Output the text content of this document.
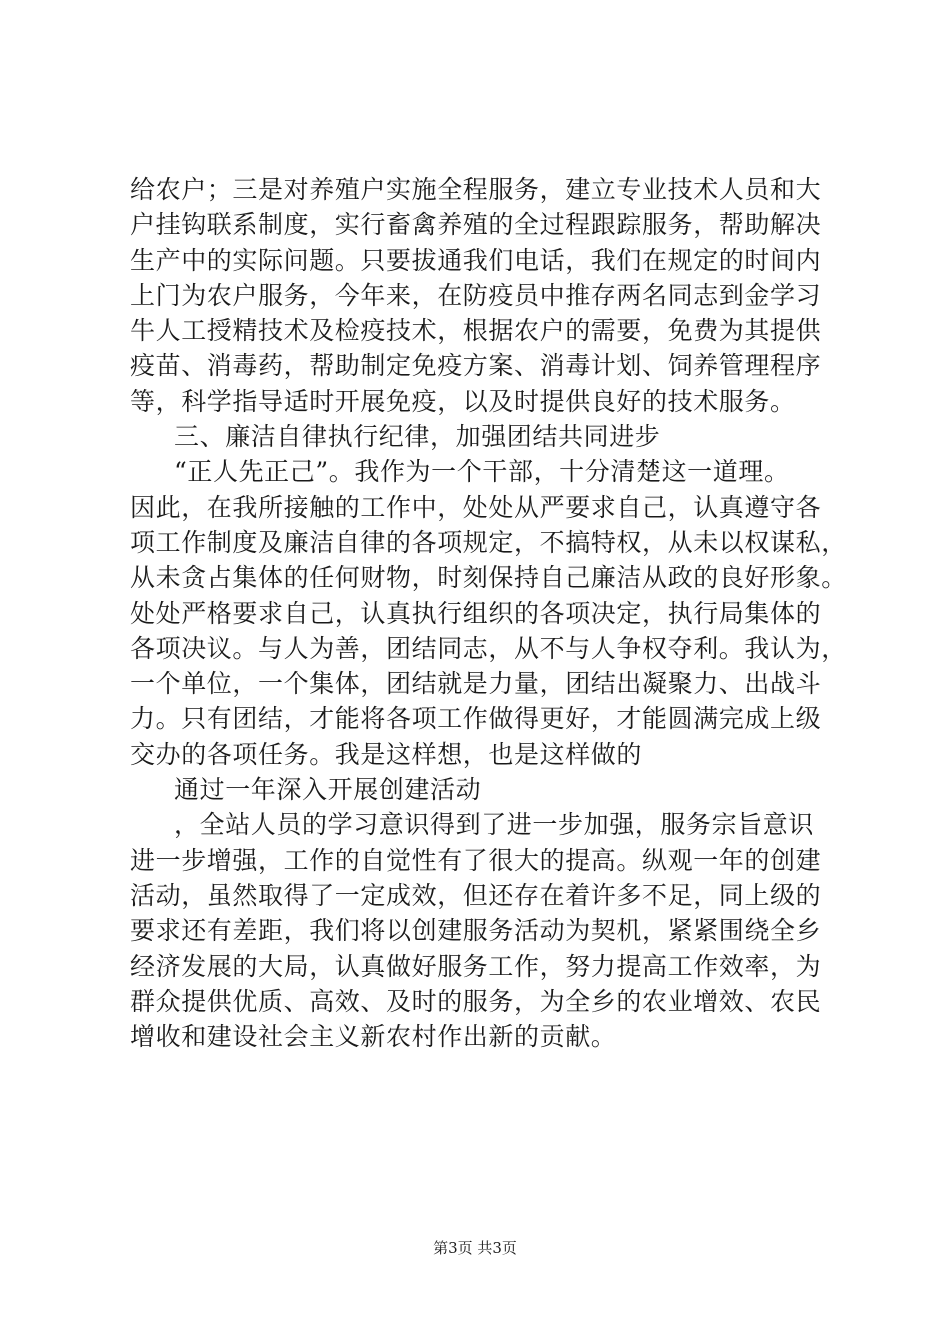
给农户；三是对养殖户实施全程服务，建立专业技术人员和大
户挂钩联系制度，实行畜禽养殖的全过程跟踪服务，帮助解决
生产中的实际问题。只要拔通我们电话，我们在规定的时间内
上门为农户服务，今年来，在防疫员中推存两名同志到金学习
牛人工授精技术及检疫技术，根据农户的需要，免费为其提供
疫苗、消毒药，帮助制定免疫方案、消毒计划、饲养管理程序
等，科学指导适时开展免疫，以及时提供良好的技术服务。
三、廉洁自律执行纪律，加强团结共同进步
“正人先正己”。我作为一个干部，十分清楚这一道理。
因此，在我所接触的工作中，处处从严要求自己，认真遵守各
项工作制度及廉洁自律的各项规定，不搞特权，从未以权谋私，
从未贪占集体的任何财物，时刻保持自己廉洁从政的良好形象。
处处严格要求自己，认真执行组织的各项决定，执行局集体的
各项决议。与人为善，团结同志，从不与人争权夺利。我认为，
一个单位，一个集体，团结就是力量，团结出凝聚力、出战斗
力。只有团结，才能将各项工作做得更好，才能圆满完成上级
交办的各项任务。我是这样想，也是这样做的
通过一年深入开展创建活动
，全站人员的学习意识得到了进一步加强，服务宗旨意识
进一步增强，工作的自觉性有了很大的提高。纵观一年的创建
活动，虽然取得了一定成效，但还存在着许多不足，同上级的
要求还有差距，我们将以创建服务活动为契机，紧紧围绕全乡
经济发展的大局，认真做好服务工作，努力提高工作效率，为
群众提供优质、高效、及时的服务，为全乡的农业增效、农民
增收和建设社会主义新农村作出新的贡献。
第3页 共3页
